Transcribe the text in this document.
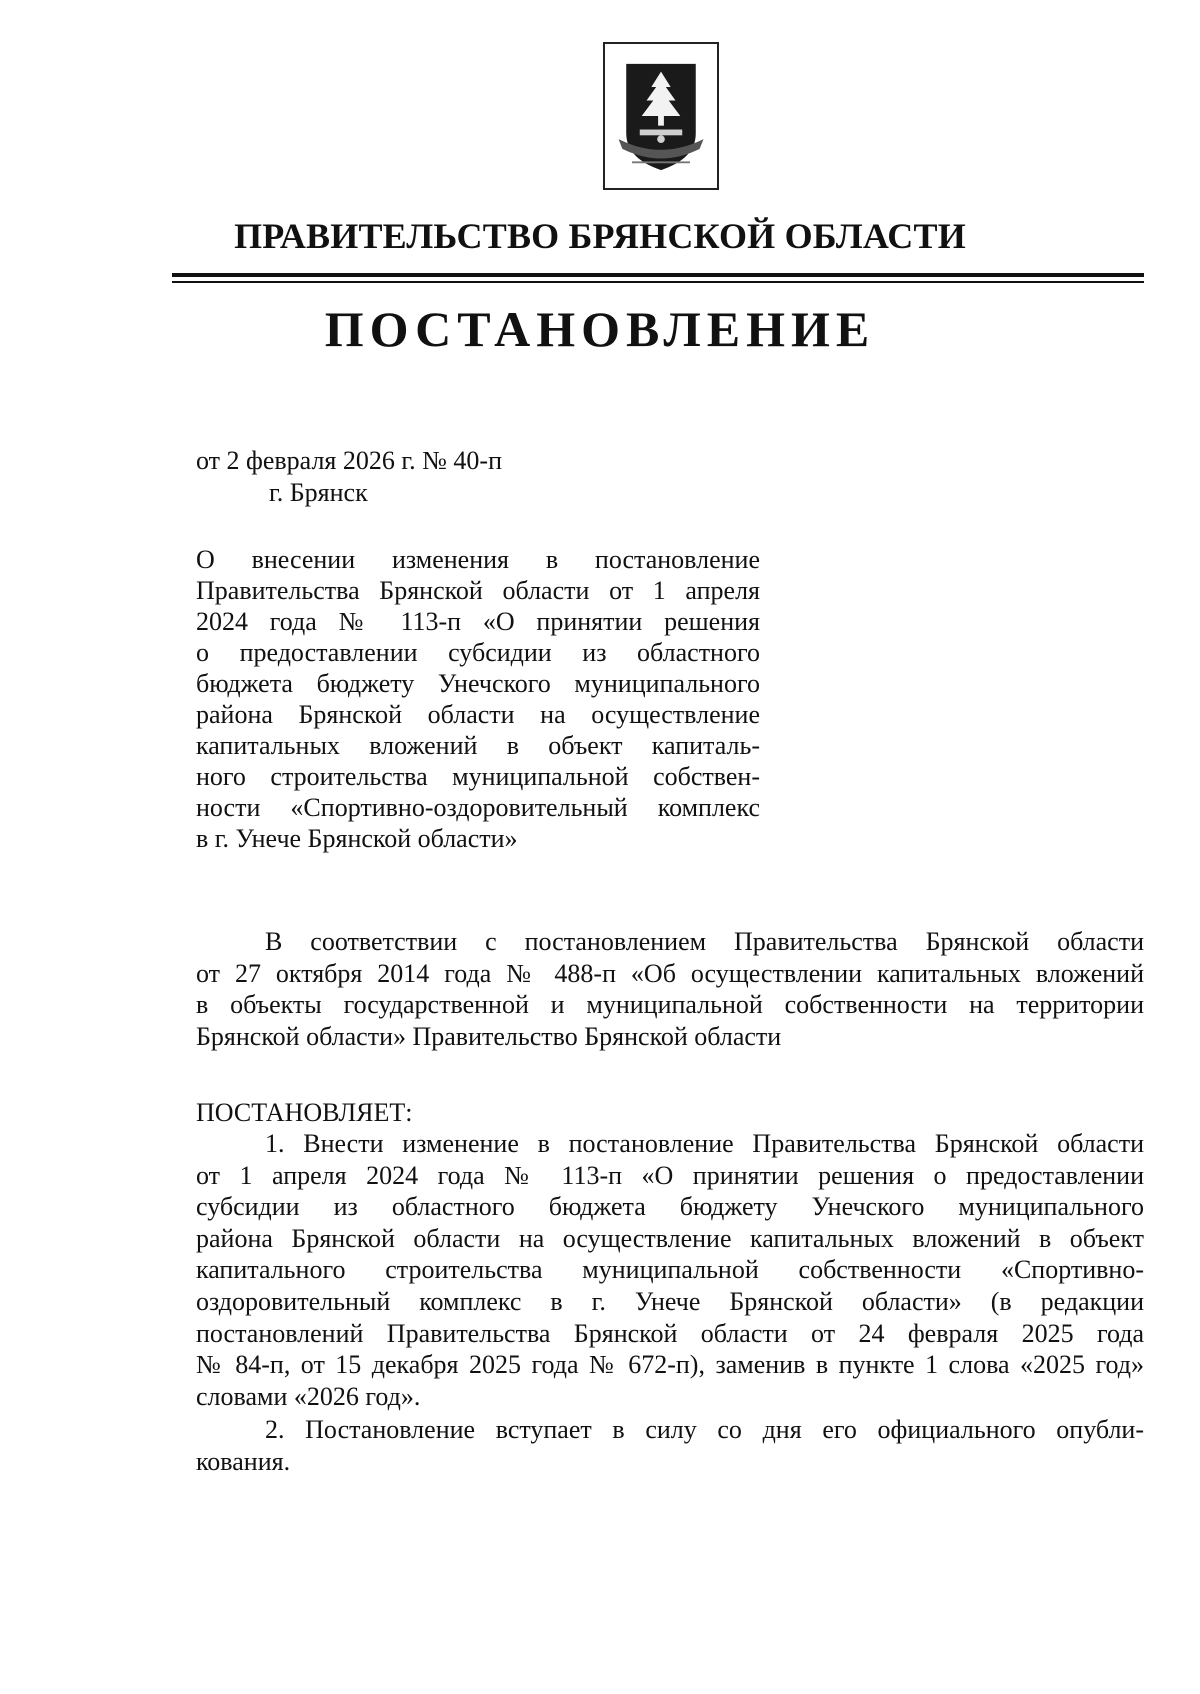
ПРАВИТЕЛЬСТВО БРЯНСКОЙ ОБЛАСТИ
ПОСТАНОВЛЕНИЕ
от 2 февраля 2026 г. № 40-п
г. Брянск
О внесении изменения в постановление
Правительства Брянской области от 1 апреля
2024 года № 113-п «О принятии решения
о предоставлении субсидии из областного
бюджета бюджету Унечского муниципального
района Брянской области на осуществление
капитальных вложений в объект капиталь-
ного строительства муниципальной собствен-
ности «Спортивно-оздоровительный комплекс
в г. Унече Брянской области»
В соответствии с постановлением Правительства Брянской области
от 27 октября 2014 года № 488-п «Об осуществлении капитальных вложений
в объекты государственной и муниципальной собственности на территории
Брянской области» Правительство Брянской области
ПОСТАНОВЛЯЕТ:
1. Внести изменение в постановление Правительства Брянской области
от 1 апреля 2024 года № 113-п «О принятии решения о предоставлении
субсидии из областного бюджета бюджету Унечского муниципального
района Брянской области на осуществление капитальных вложений в объект
капитального строительства муниципальной собственности «Спортивно-
оздоровительный комплекс в г. Унече Брянской области» (в редакции
постановлений Правительства Брянской области от 24 февраля 2025 года
№ 84-п, от 15 декабря 2025 года № 672-п), заменив в пункте 1 слова «2025 год»
словами «2026 год».
2. Постановление вступает в силу со дня его официального опубли-
кования.
